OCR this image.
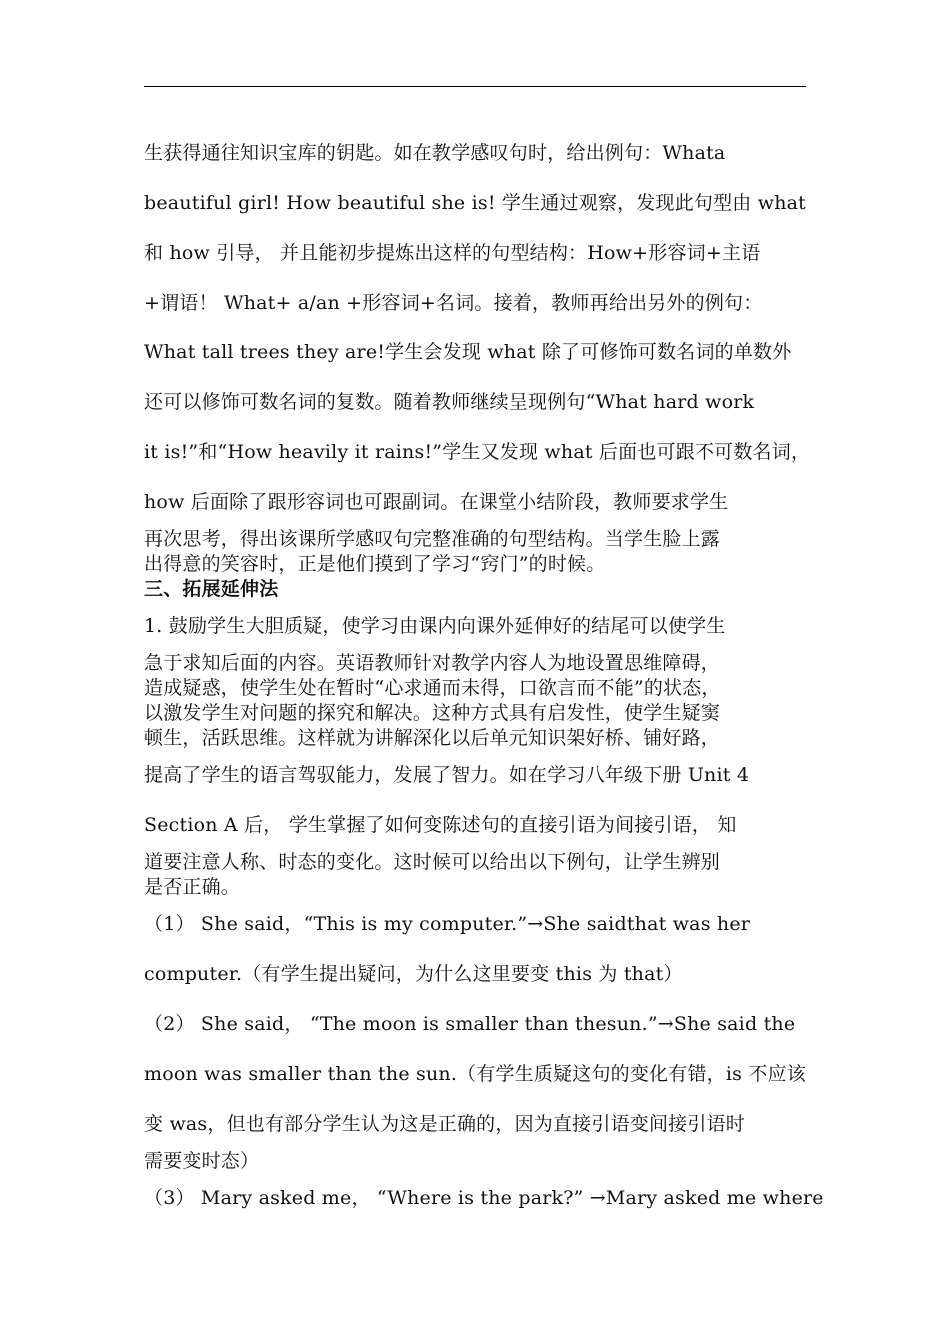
生获得通往知识宝库的钥匙。如在教学感叹句时，给出例句：Whata
beautiful girl! How beautiful she is! 学生通过观察，发现此句型由 what
和 how 引导， 并且能初步提炼出这样的句型结构：How+形容词+主语
+谓语！ What+ a/an +形容词+名词。接着，教师再给出另外的例句：
What tall trees they are!学生会发现 what 除了可修饰可数名词的单数外
还可以修饰可数名词的复数。随着教师继续呈现例句“What hard work
it is!”和“How heavily it rains!”学生又发现 what 后面也可跟不可数名词，
how 后面除了跟形容词也可跟副词。在课堂小结阶段，教师要求学生
再次思考，得出该课所学感叹句完整准确的句型结构。当学生脸上露
出得意的笑容时，正是他们摸到了学习“窍门”的时候。
三、拓展延伸法
1. 鼓励学生大胆质疑，使学习由课内向课外延伸好的结尾可以使学生
急于求知后面的内容。英语教师针对教学内容人为地设置思维障碍，
造成疑惑，使学生处在暂时“心求通而未得，口欲言而不能”的状态，
以激发学生对问题的探究和解决。这种方式具有启发性，使学生疑窦
顿生，活跃思维。这样就为讲解深化以后单元知识架好桥、铺好路，
提高了学生的语言驾驭能力，发展了智力。如在学习八年级下册 Unit 4
Section A 后， 学生掌握了如何变陈述句的直接引语为间接引语， 知
道要注意人称、时态的变化。这时候可以给出以下例句，让学生辨别
是否正确。
（1） She said，“This is my computer.”→She saidthat was her
computer.（有学生提出疑问，为什么这里要变 this 为 that）
（2） She said， “The moon is smaller than thesun.”→She said the
moon was smaller than the sun.（有学生质疑这句的变化有错，is 不应该
变 was，但也有部分学生认为这是正确的，因为直接引语变间接引语时
需要变时态）
（3） Mary asked me， “Where is the park?” →Mary asked me where
